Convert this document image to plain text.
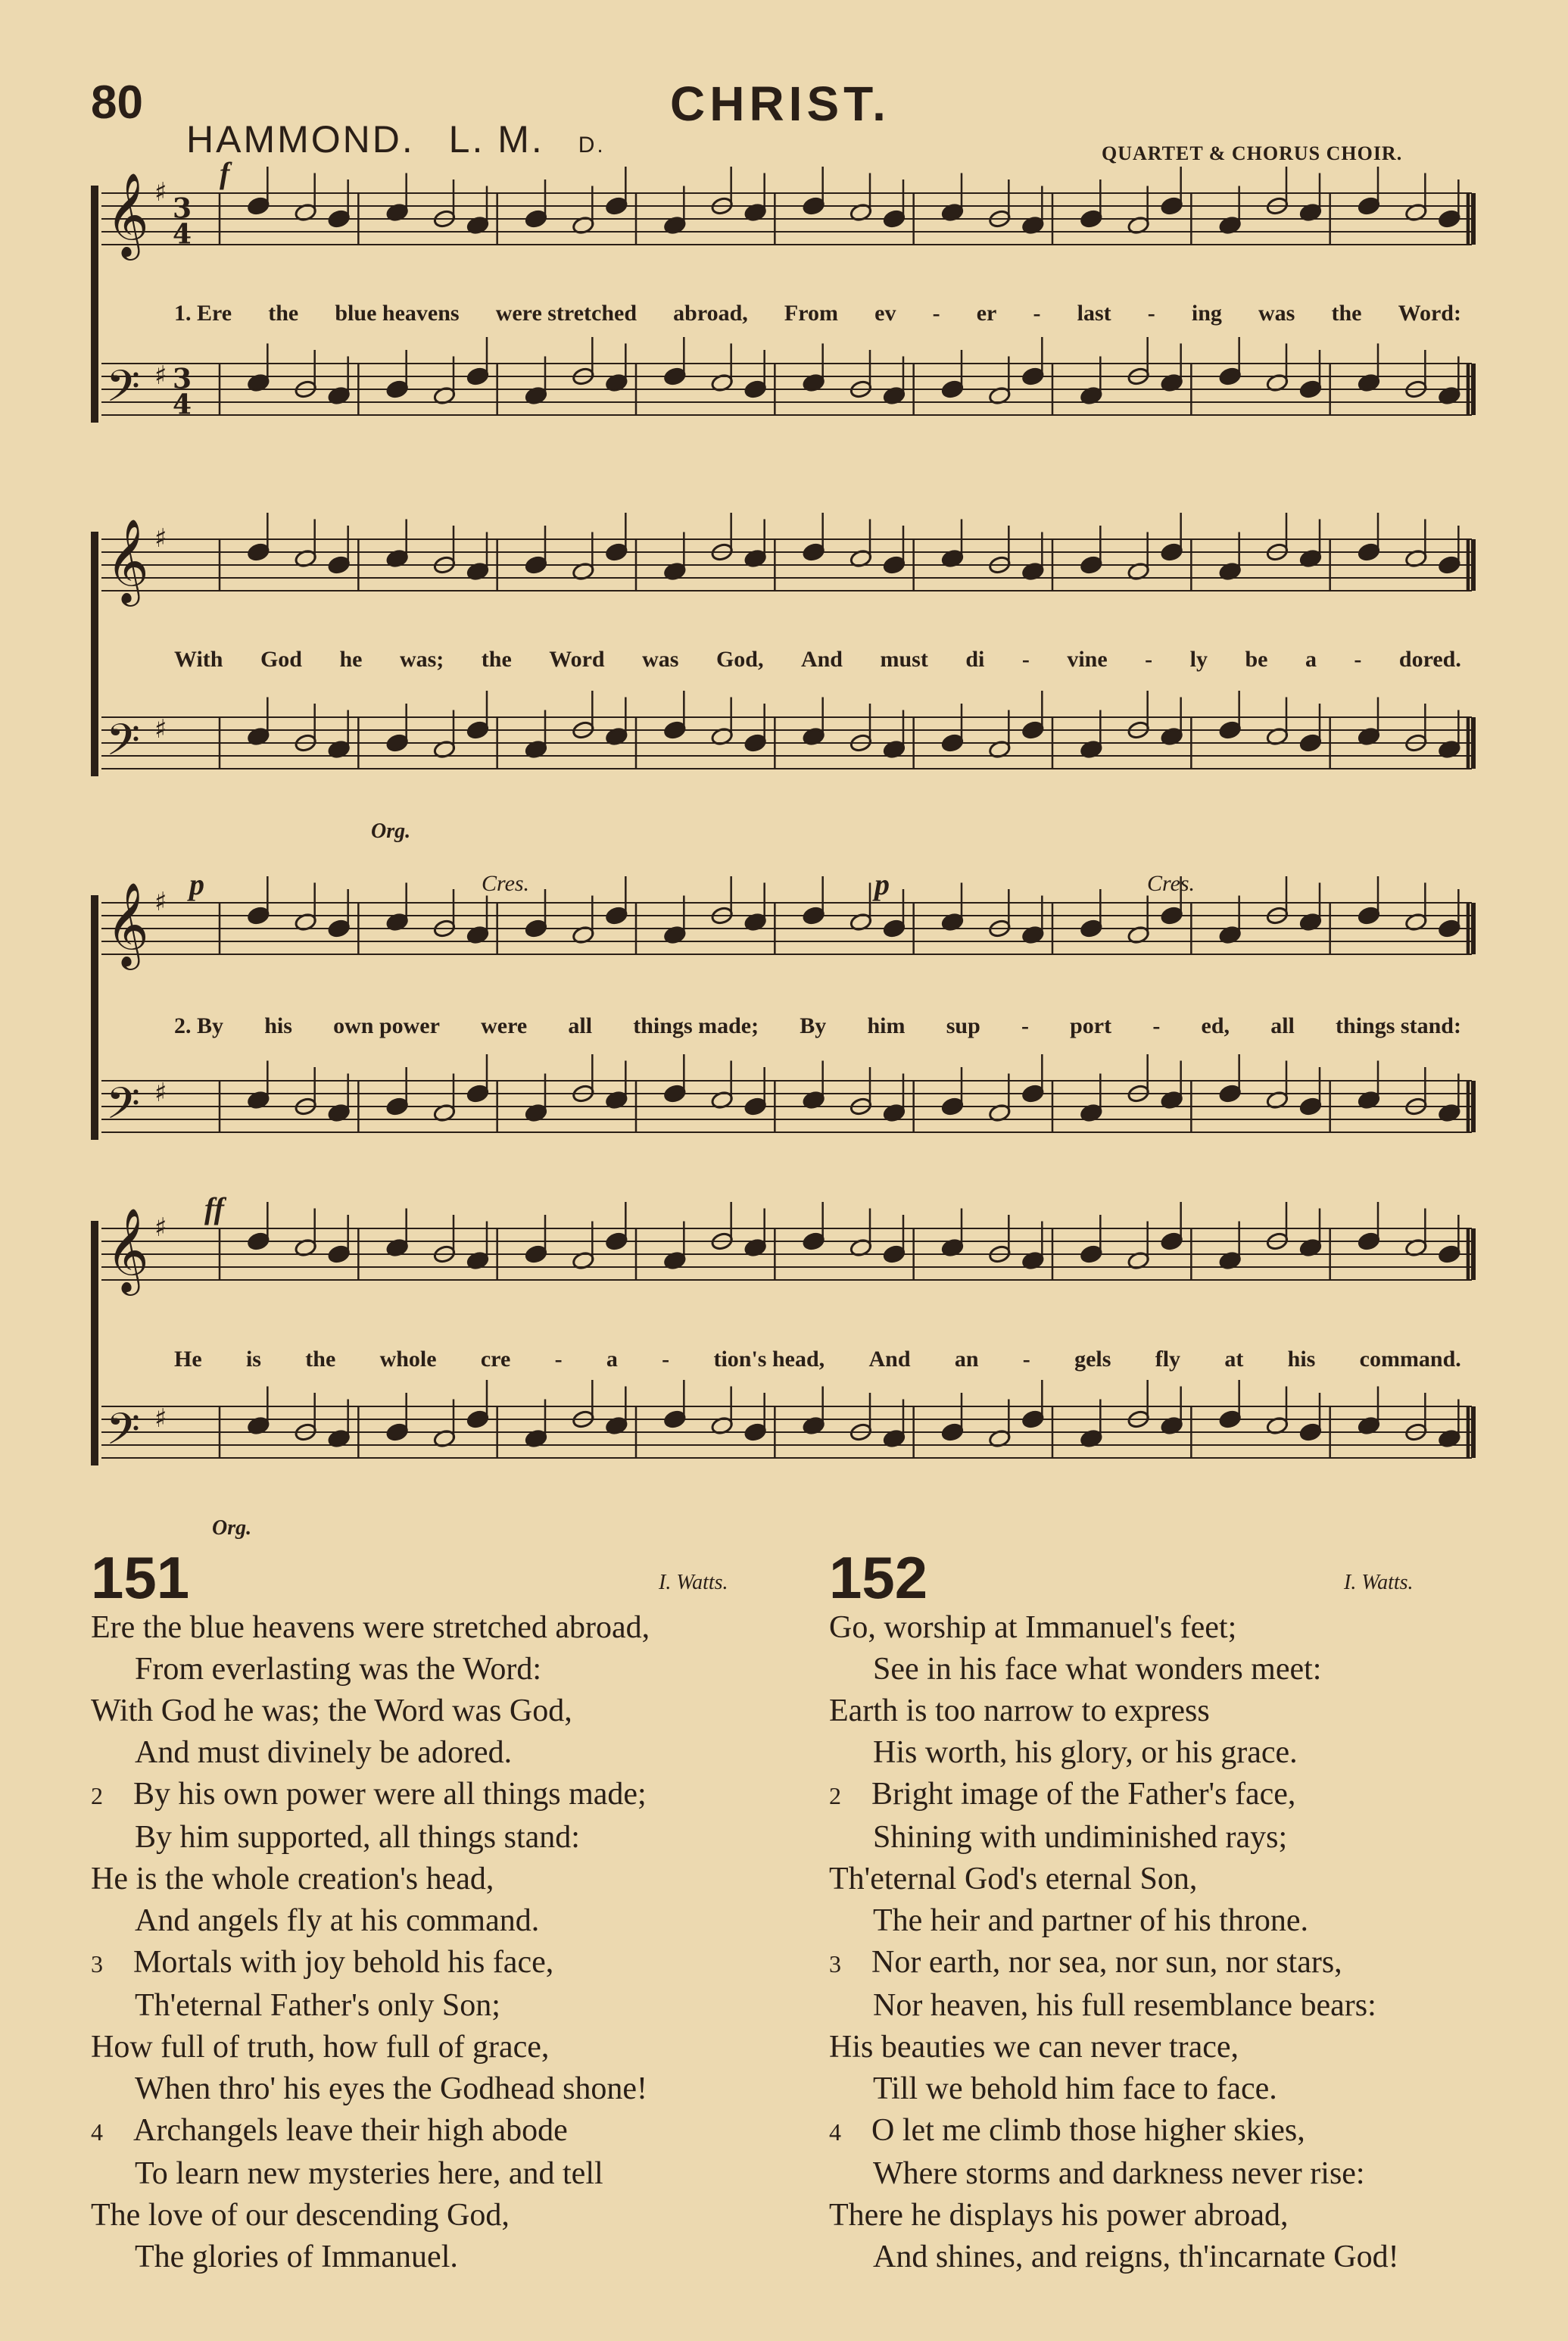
80	CHRIST.
HAMMOND. L. M. D.	QUARTET & CHORUS CHOIR.
𝄞 ♯
3
4
𝄢 ♯ 3
4
f
1. Ere the blue heavens were stretched abroad, From ev - er - last - ing was the Word:
𝄞 ♯
𝄢 ♯
Org.
With God he was; the Word was God, And must di - vine - ly be a - dored.
𝄞 ♯
𝄢 ♯
p	Cres.	p	Cres.
2. By his own power were all things made; By him sup - port - ed, all things stand:
𝄞 ♯
𝄢 ♯
ff
Org.
He is the whole cre - a - tion's head, And an - gels fly at his command.
151	I. Watts.
Ere the blue heavens were stretched abroad,
From everlasting was the Word:
With God he was; the Word was God,
And must divinely be adored.
2 By his own power were all things made;
By him supported, all things stand:
He is the whole creation's head,
And angels fly at his command.
3 Mortals with joy behold his face,
Th'eternal Father's only Son;
How full of truth, how full of grace,
When thro' his eyes the Godhead shone!
4 Archangels leave their high abode
To learn new mysteries here, and tell
The love of our descending God,
The glories of Immanuel.
152	I. Watts.
Go, worship at Immanuel's feet;
See in his face what wonders meet:
Earth is too narrow to express
His worth, his glory, or his grace.
2 Bright image of the Father's face,
Shining with undiminished rays;
Th'eternal God's eternal Son,
The heir and partner of his throne.
3 Nor earth, nor sea, nor sun, nor stars,
Nor heaven, his full resemblance bears:
His beauties we can never trace,
Till we behold him face to face.
4 O let me climb those higher skies,
Where storms and darkness never rise:
There he displays his power abroad,
And shines, and reigns, th'incarnate God!
